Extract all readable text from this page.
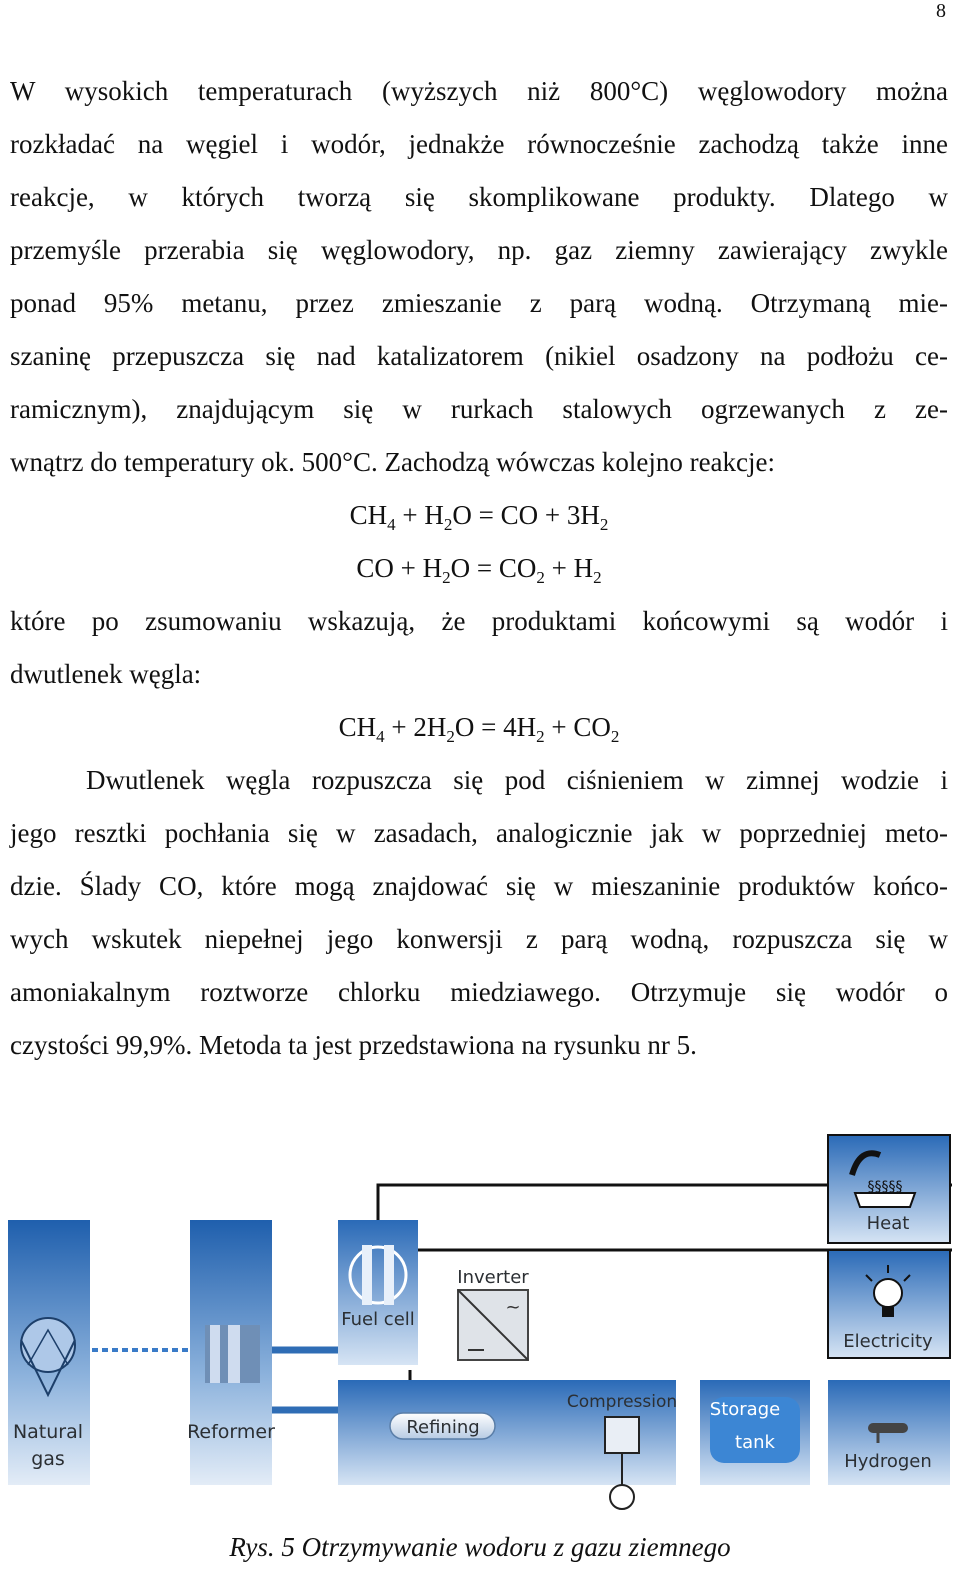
8
W wysokich temperaturach (wyższych niż 800°C) węglowodory można
rozkładać na węgiel i wodór, jednakże równocześnie zachodzą także inne
reakcje, w których tworzą się skomplikowane produkty. Dlatego w
przemyśle przerabia się węglowodory, np. gaz ziemny zawierający zwykle
ponad 95% metanu, przez zmieszanie z parą wodną. Otrzymaną mie-
szaninę przepuszcza się nad katalizatorem (nikiel osadzony na podłożu ce-
ramicznym), znajdującym się w rurkach stalowych ogrzewanych z ze-
wnątrz do temperatury ok. 500°C. Zachodzą wówczas kolejno reakcje:
$CH_4 + H_2O$ = CO + $3H_2$
CO + $H_2O = CO_2 + H_2$
które po zsumowaniu wskazują, że produktami końcowymi są wodór i
dwutlenek węgla:
$CH_4 + 2H_2O = 4H_2 + CO_2$
Dwutlenek węgla rozpuszcza się pod ciśnieniem w zimnej wodzie i
jego resztki pochłania się w zasadach, analogicznie jak w poprzedniej meto-
dzie. Ślady CO, które mogą znajdować się w mieszaninie produktów końco-
wych wskutek niepełnej jego konwersji z parą wodną, rozpuszcza się w
amoniakalnym roztworze chlorku miedziawego. Otrzymuje się wodór o
czystości 99,9%. Metoda ta jest przedstawiona na rysunku nr 5.
Natural
gas
Reformer
Fuel cell
Inverter
~
Refining
Compression Storage
tank
§§§§§
Heat
Electricity
Hydrogen
Rys. 5 Otrzymywanie wodoru z gazu ziemnego
